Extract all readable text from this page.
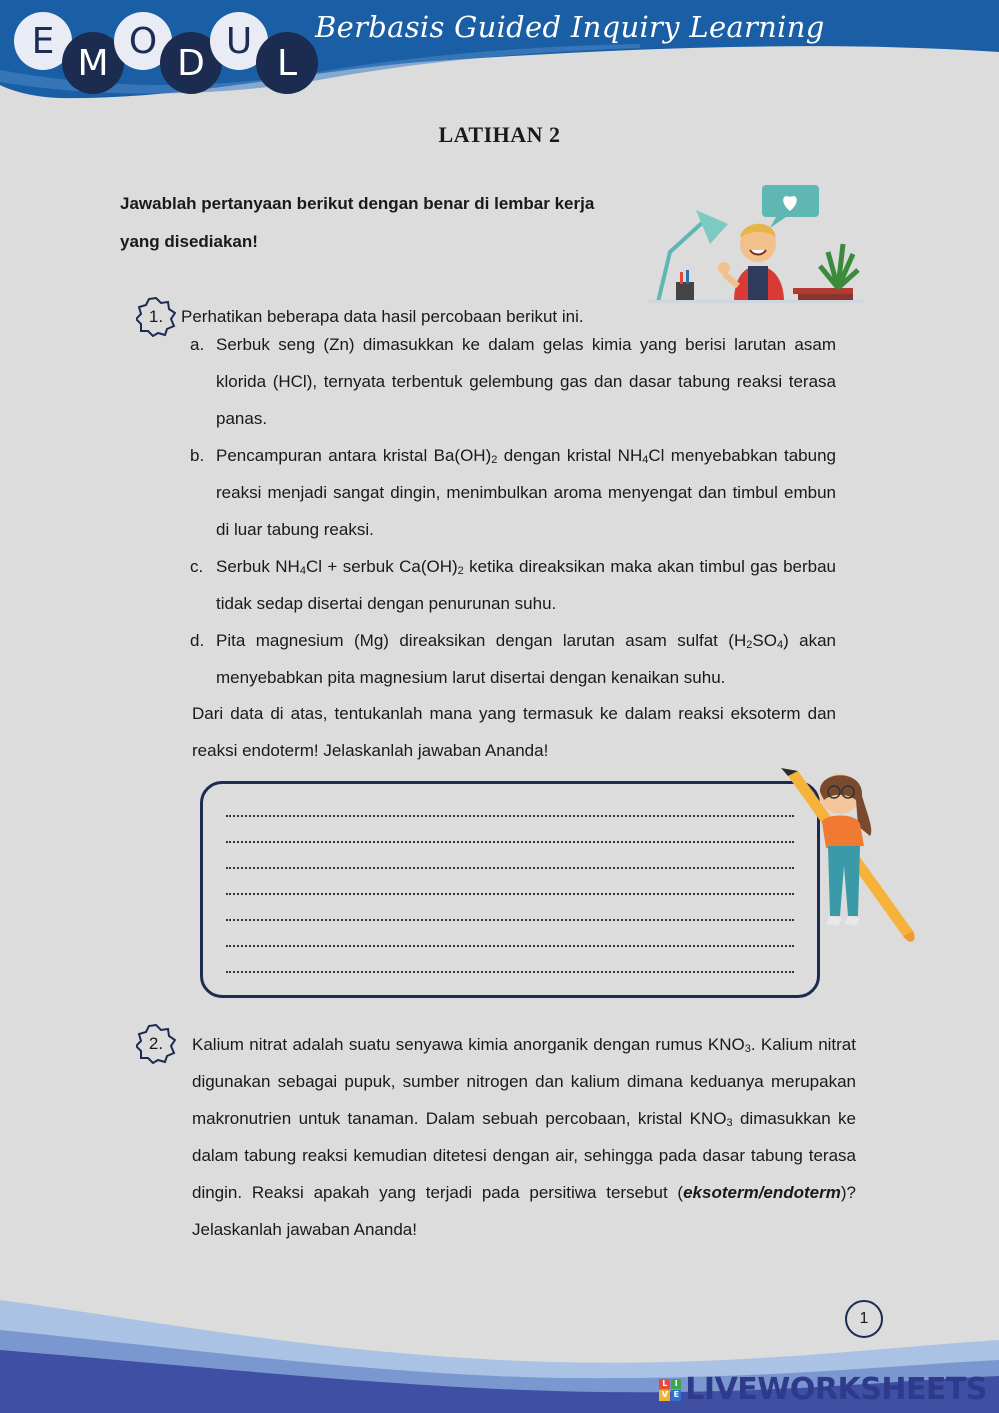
E
M
O
D
U
L
Berbasis Guided Inquiry Learning
LATIHAN 2
Jawablah pertanyaan berikut dengan benar di lembar kerja yang disediakan!
1.	Perhatikan beberapa data hasil percobaan berikut ini.
a. Serbuk seng (Zn) dimasukkan ke dalam gelas kimia yang berisi larutan asam klorida (HCl), ternyata terbentuk gelembung gas dan dasar tabung reaksi terasa panas.
b. Pencampuran antara kristal $Ba(OH)_2$ dengan kristal $NH_4Cl$ menyebabkan tabung reaksi menjadi sangat dingin, menimbulkan aroma menyengat dan timbul embun di luar tabung reaksi.
c. Serbuk $NH_4Cl$ + serbuk $Ca(OH)_2$ ketika direaksikan maka akan timbul gas berbau tidak sedap disertai dengan penurunan suhu.
d. Pita magnesium (Mg) direaksikan dengan larutan asam sulfat $(H_2SO_4)$ akan menyebabkan pita magnesium larut disertai dengan kenaikan suhu.
Dari data di atas, tentukanlah mana yang termasuk ke dalam reaksi eksoterm dan reaksi endoterm! Jelaskanlah jawaban Ananda!
2.	Kalium nitrat adalah suatu senyawa kimia anorganik dengan rumus $KNO_3$. Kalium nitrat digunakan sebagai pupuk, sumber nitrogen dan kalium dimana keduanya merupakan makronutrien untuk tanaman. Dalam sebuah percobaan, kristal $KNO_3$ dimasukkan ke dalam tabung reaksi kemudian ditetesi dengan air, sehingga pada dasar tabung terasa dingin. Reaksi apakah yang terjadi pada persitiwa tersebut (eksoterm/endoterm)? Jelaskanlah jawaban Ananda!
1
L I
V E LIVEWORKSHEETS
